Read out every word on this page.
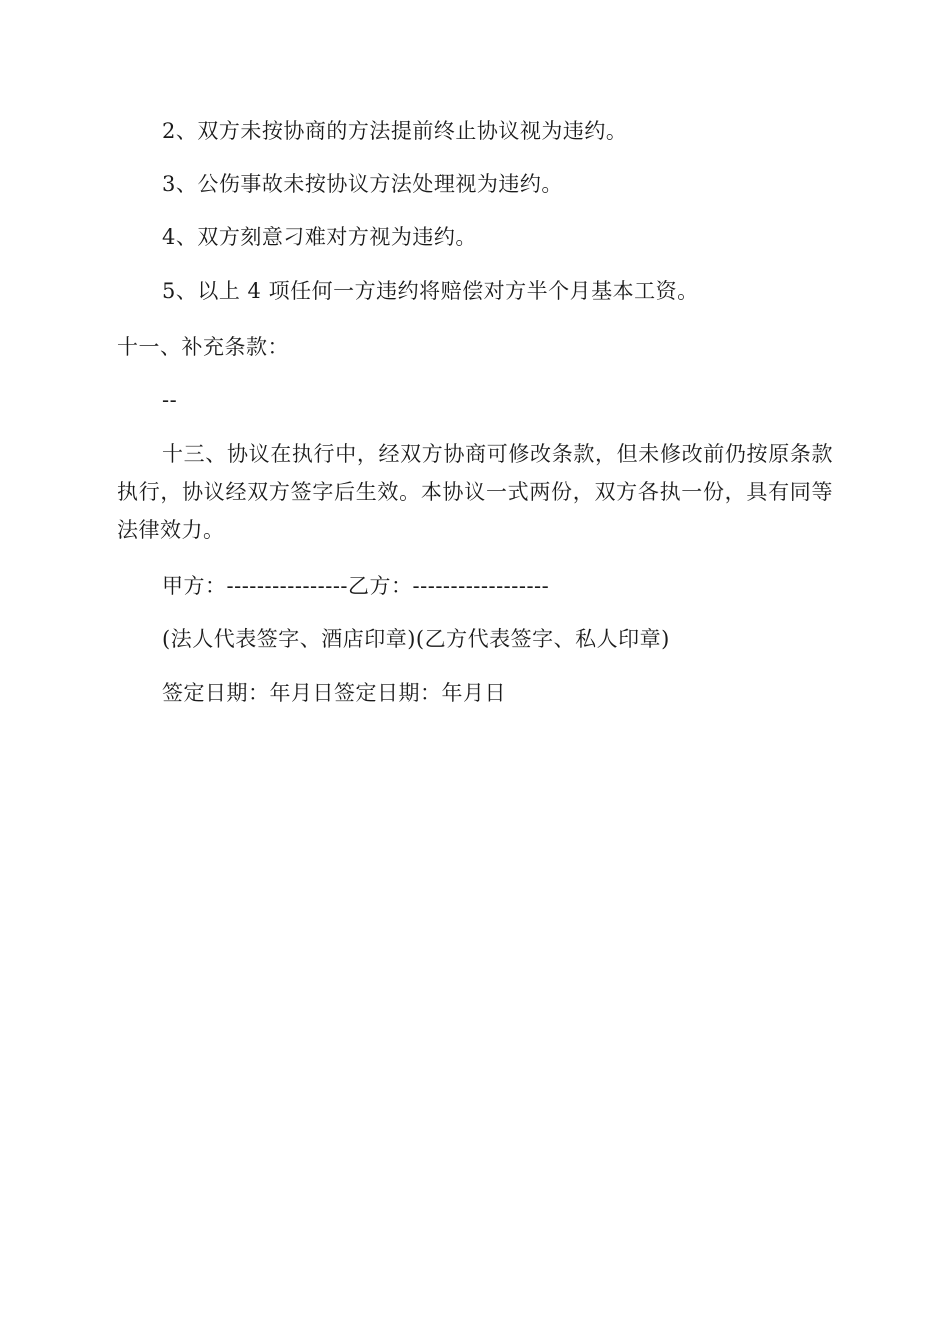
2、双方未按协商的方法提前终止协议视为违约。
3、公伤事故未按协议方法处理视为违约。
4、双方刻意刁难对方视为违约。
5、以上 4 项任何一方违约将赔偿对方半个月基本工资。
十一、补充条款：
--
十三、协议在执行中，经双方协商可修改条款，但未修改前仍按原条款执行，协议经双方签字后生效。本协议一式两份，双方各执一份，具有同等法律效力。
甲方：----------------乙方：------------------
(法人代表签字、酒店印章)(乙方代表签字、私人印章)
签定日期：年月日签定日期：年月日
